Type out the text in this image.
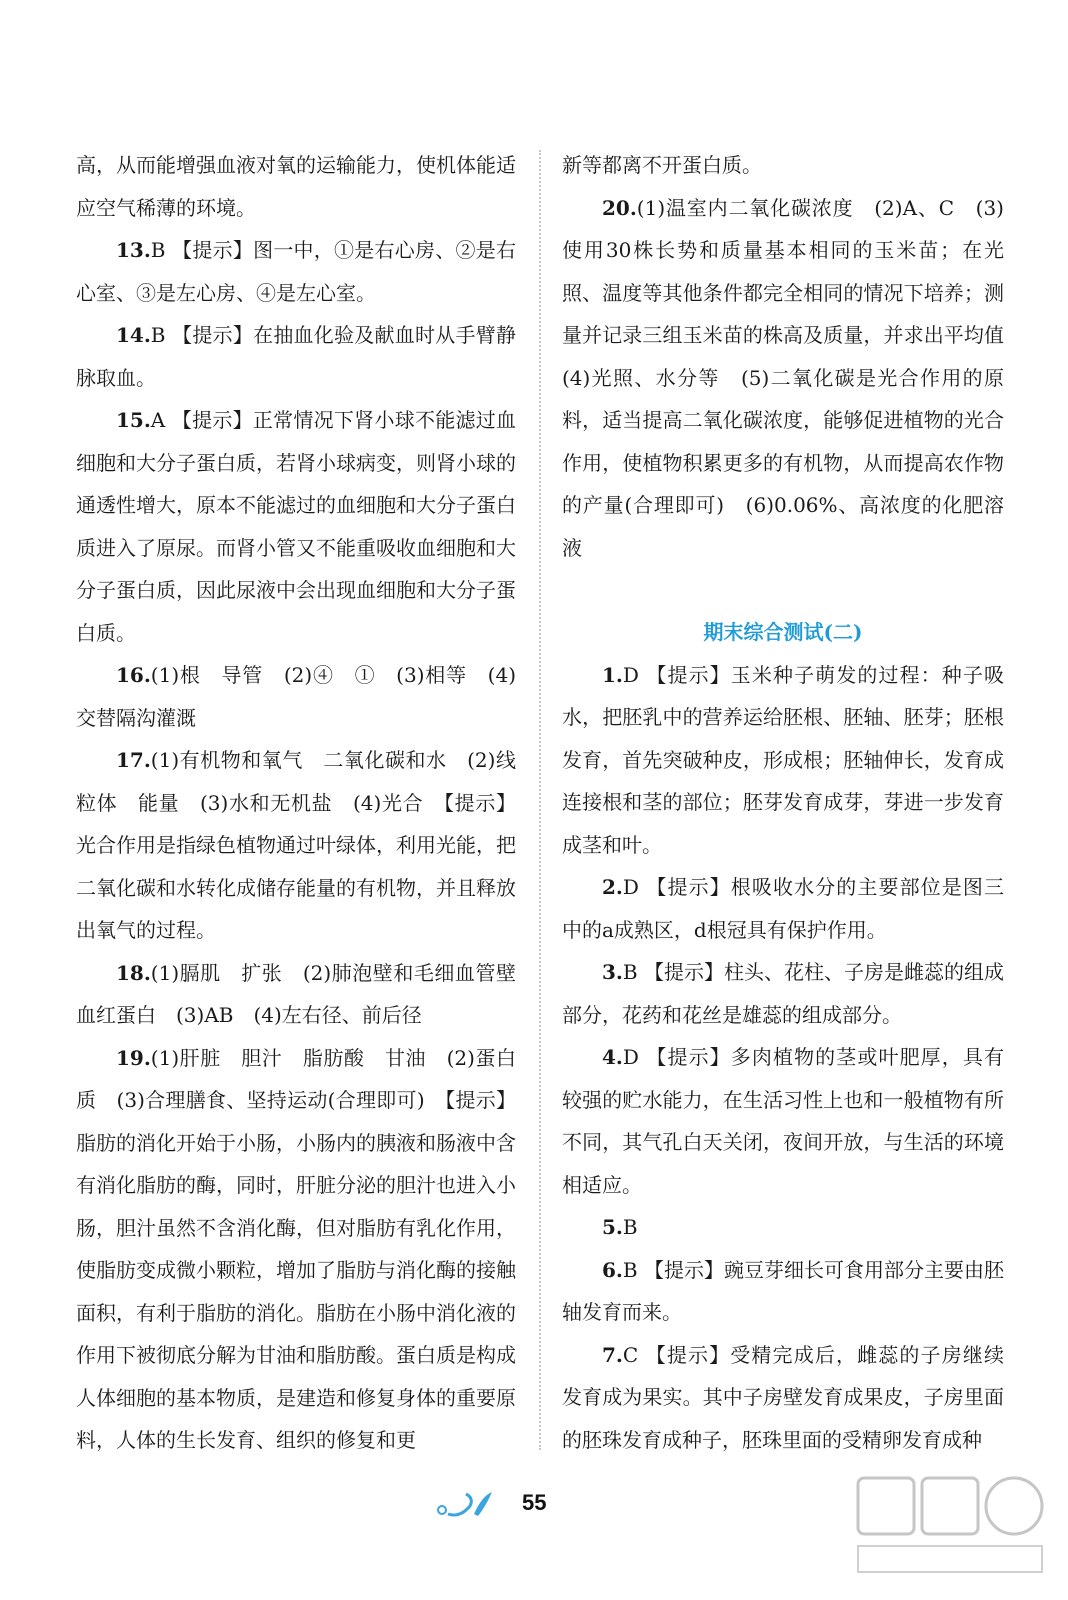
高，从而能增强血液对氧的运输能力，使机体能适应空气稀薄的环境。

13.B 【提示】图一中，①是右心房、②是右心室、③是左心房、④是左心室。

14.B 【提示】在抽血化验及献血时从手臂静脉取血。

15.A 【提示】正常情况下肾小球不能滤过血细胞和大分子蛋白质，若肾小球病变，则肾小球的通透性增大，原本不能滤过的血细胞和大分子蛋白质进入了原尿。而肾小管又不能重吸收血细胞和大分子蛋白质，因此尿液中会出现血细胞和大分子蛋白质。

16.(1)根　导管　(2)④　①　(3)相等　(4)交替隔沟灌溉

17.(1)有机物和氧气　二氧化碳和水　(2)线粒体　能量　(3)水和无机盐　(4)光合　【提示】光合作用是指绿色植物通过叶绿体，利用光能，把二氧化碳和水转化成储存能量的有机物，并且释放出氧气的过程。

18.(1)膈肌　扩张　(2)肺泡壁和毛细血管壁　血红蛋白　(3)AB　(4)左右径、前后径

19.(1)肝脏　胆汁　脂肪酸　甘油　(2)蛋白质　(3)合理膳食、坚持运动(合理即可)　【提示】脂肪的消化开始于小肠，小肠内的胰液和肠液中含有消化脂肪的酶，同时，肝脏分泌的胆汁也进入小肠，胆汁虽然不含消化酶，但对脂肪有乳化作用，使脂肪变成微小颗粒，增加了脂肪与消化酶的接触面积，有利于脂肪的消化。脂肪在小肠中消化液的作用下被彻底分解为甘油和脂肪酸。蛋白质是构成人体细胞的基本物质，是建造和修复身体的重要原料，人体的生长发育、组织的修复和更

新等都离不开蛋白质。

20.(1)温室内二氧化碳浓度　(2)A、C　(3)使用30株长势和质量基本相同的玉米苗；在光照、温度等其他条件都完全相同的情况下培养；测量并记录三组玉米苗的株高及质量，并求出平均值　(4)光照、水分等　(5)二氧化碳是光合作用的原料，适当提高二氧化碳浓度，能够促进植物的光合作用，使植物积累更多的有机物，从而提高农作物的产量(合理即可)　(6)0.06%、高浓度的化肥溶液

期末综合测试(二)

1.D 【提示】玉米种子萌发的过程：种子吸水，把胚乳中的营养运给胚根、胚轴、胚芽；胚根发育，首先突破种皮，形成根；胚轴伸长，发育成连接根和茎的部位；胚芽发育成芽，芽进一步发育成茎和叶。

2.D 【提示】根吸收水分的主要部位是图三中的a成熟区，d根冠具有保护作用。

3.B 【提示】柱头、花柱、子房是雌蕊的组成部分，花药和花丝是雄蕊的组成部分。

4.D 【提示】多肉植物的茎或叶肥厚，具有较强的贮水能力，在生活习性上也和一般植物有所不同，其气孔白天关闭，夜间开放，与生活的环境相适应。

5.B

6.B 【提示】豌豆芽细长可食用部分主要由胚轴发育而来。

7.C 【提示】受精完成后，雌蕊的子房继续发育成为果实。其中子房壁发育成果皮，子房里面的胚珠发育成种子，胚珠里面的受精卵发育成种

55
